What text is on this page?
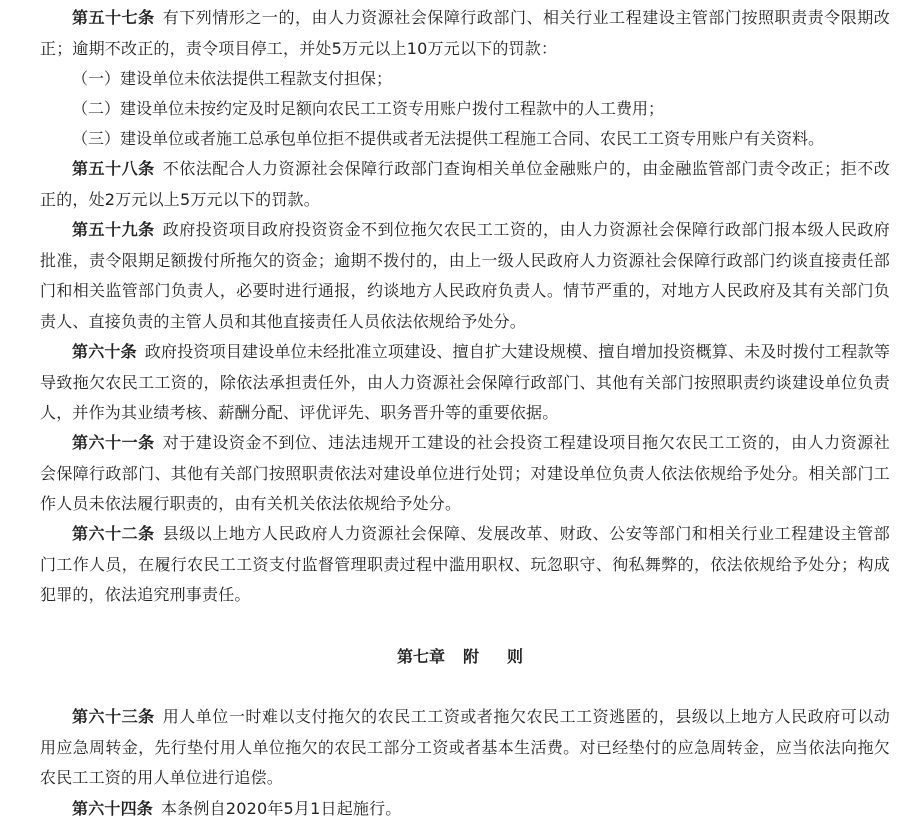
第五十七条 有下列情形之一的，由人力资源社会保障行政部门、相关行业工程建设主管部门按照职责责令限期改正；逾期不改正的，责令项目停工，并处5万元以上10万元以下的罚款：
（一）建设单位未依法提供工程款支付担保；
（二）建设单位未按约定及时足额向农民工工资专用账户拨付工程款中的人工费用；
（三）建设单位或者施工总承包单位拒不提供或者无法提供工程施工合同、农民工工资专用账户有关资料。
第五十八条 不依法配合人力资源社会保障行政部门查询相关单位金融账户的，由金融监管部门责令改正；拒不改正的，处2万元以上5万元以下的罚款。
第五十九条 政府投资项目政府投资资金不到位拖欠农民工工资的，由人力资源社会保障行政部门报本级人民政府批准，责令限期足额拨付所拖欠的资金；逾期不拨付的，由上一级人民政府人力资源社会保障行政部门约谈直接责任部门和相关监管部门负责人，必要时进行通报，约谈地方人民政府负责人。情节严重的，对地方人民政府及其有关部门负责人、直接负责的主管人员和其他直接责任人员依法依规给予处分。
第六十条 政府投资项目建设单位未经批准立项建设、擅自扩大建设规模、擅自增加投资概算、未及时拨付工程款等导致拖欠农民工工资的，除依法承担责任外，由人力资源社会保障行政部门、其他有关部门按照职责约谈建设单位负责人，并作为其业绩考核、薪酬分配、评优评先、职务晋升等的重要依据。
第六十一条 对于建设资金不到位、违法违规开工建设的社会投资工程建设项目拖欠农民工工资的，由人力资源社会保障行政部门、其他有关部门按照职责依法对建设单位进行处罚；对建设单位负责人依法依规给予处分。相关部门工作人员未依法履行职责的，由有关机关依法依规给予处分。
第六十二条 县级以上地方人民政府人力资源社会保障、发展改革、财政、公安等部门和相关行业工程建设主管部门工作人员，在履行农民工工资支付监督管理职责过程中滥用职权、玩忽职守、徇私舞弊的，依法依规给予处分；构成犯罪的，依法追究刑事责任。
第七章 附 则
第六十三条 用人单位一时难以支付拖欠的农民工工资或者拖欠农民工工资逃匿的，县级以上地方人民政府可以动用应急周转金，先行垫付用人单位拖欠的农民工部分工资或者基本生活费。对已经垫付的应急周转金，应当依法向拖欠农民工工资的用人单位进行追偿。
第六十四条 本条例自2020年5月1日起施行。
